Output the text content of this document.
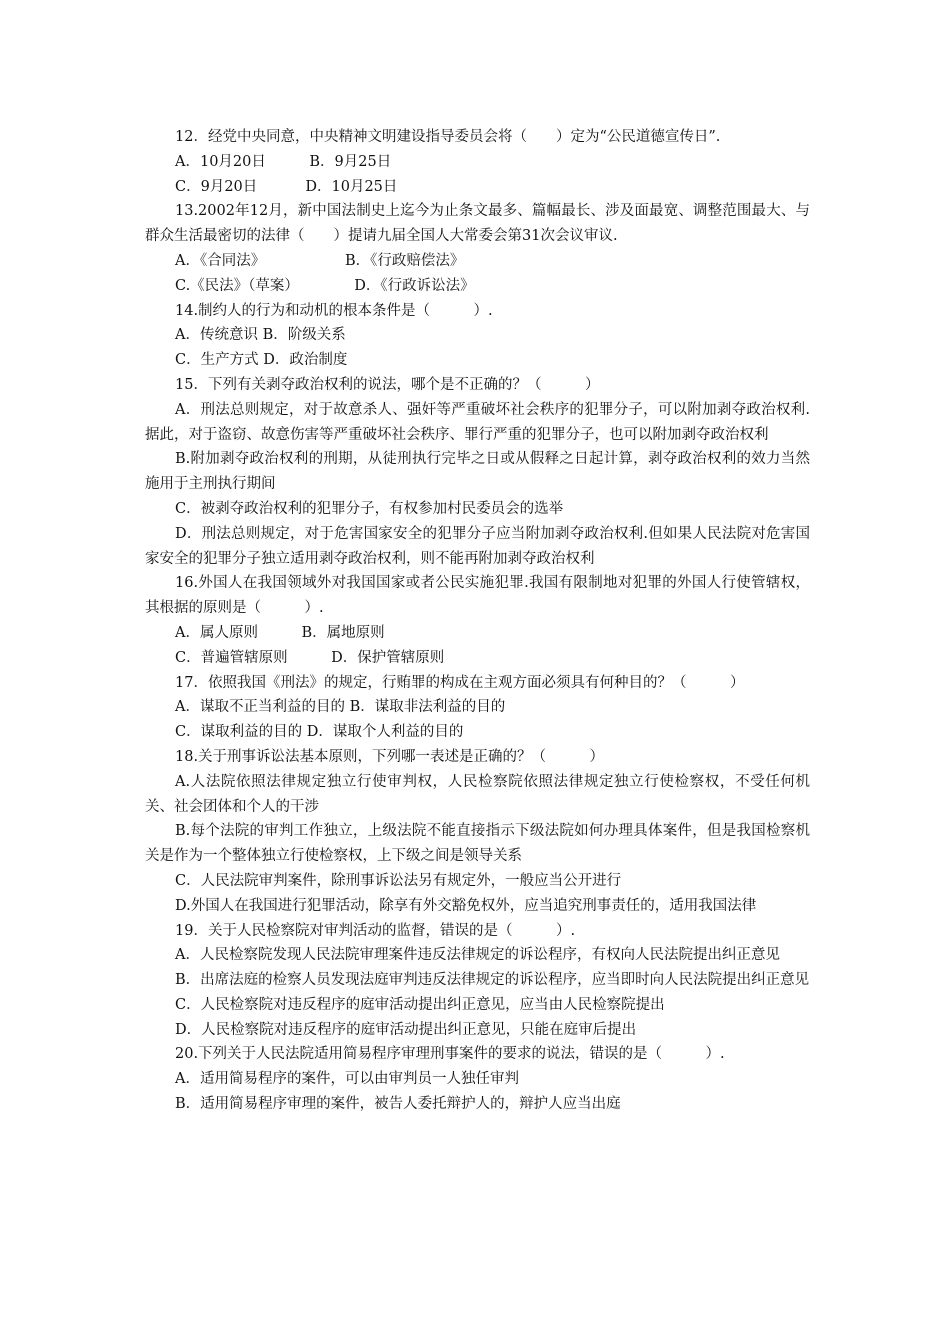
12．经党中央同意，中央精神文明建设指导委员会将（　　）定为“公民道德宣传日”.
A．10月20日　　　B．9月25日
C．9月20日　　　 D．10月25日
13.2002年12月，新中国法制史上迄今为止条文最多、篇幅最长、涉及面最宽、调整范围最大、与群众生活最密切的法律（　　）提请九届全国人大常委会第31次会议审议.
A．《合同法》　　　　　　B．《行政赔偿法》
C.《民法》（草案）　　　　 D．《行政诉讼法》
14.制约人的行为和动机的根本条件是（　　　）.
A．传统意识 B．阶级关系
C．生产方式 D．政治制度
15．下列有关剥夺政治权利的说法，哪个是不正确的？（　　　）
A．刑法总则规定，对于故意杀人、强奸等严重破坏社会秩序的犯罪分子，可以附加剥夺政治权利.据此，对于盗窃、故意伤害等严重破坏社会秩序、罪行严重的犯罪分子，也可以附加剥夺政治权利
B.附加剥夺政治权利的刑期，从徒刑执行完毕之日或从假释之日起计算，剥夺政治权利的效力当然施用于主刑执行期间
C．被剥夺政治权利的犯罪分子，有权参加村民委员会的选举
D．刑法总则规定，对于危害国家安全的犯罪分子应当附加剥夺政治权利.但如果人民法院对危害国家安全的犯罪分子独立适用剥夺政治权利，则不能再附加剥夺政治权利
16.外国人在我国领域外对我国国家或者公民实施犯罪.我国有限制地对犯罪的外国人行使管辖权，其根据的原则是（　　　）.
A．属人原则　　　B．属地原则
C．普遍管辖原则　　　D．保护管辖原则
17．依照我国《刑法》的规定，行贿罪的构成在主观方面必须具有何种目的？（　　　）
A．谋取不正当利益的目的 B．谋取非法利益的目的
C．谋取利益的目的 D．谋取个人利益的目的
18.关于刑事诉讼法基本原则，下列哪一表述是正确的？（　　　）
A.人法院依照法律规定独立行使审判权，人民检察院依照法律规定独立行使检察权，不受任何机关、社会团体和个人的干涉
B.每个法院的审判工作独立，上级法院不能直接指示下级法院如何办理具体案件，但是我国检察机关是作为一个整体独立行使检察权，上下级之间是领导关系
C．人民法院审判案件，除刑事诉讼法另有规定外，一般应当公开进行
D.外国人在我国进行犯罪活动，除享有外交豁免权外，应当追究刑事责任的，适用我国法律
19．关于人民检察院对审判活动的监督，错误的是（　　　）.
A．人民检察院发现人民法院审理案件违反法律规定的诉讼程序，有权向人民法院提出纠正意见
B．出席法庭的检察人员发现法庭审判违反法律规定的诉讼程序，应当即时向人民法院提出纠正意见
C．人民检察院对违反程序的庭审活动提出纠正意见，应当由人民检察院提出
D．人民检察院对违反程序的庭审活动提出纠正意见，只能在庭审后提出
20.下列关于人民法院适用简易程序审理刑事案件的要求的说法，错误的是（　　　）.
A．适用简易程序的案件，可以由审判员一人独任审判
B．适用简易程序审理的案件，被告人委托辩护人的，辩护人应当出庭
